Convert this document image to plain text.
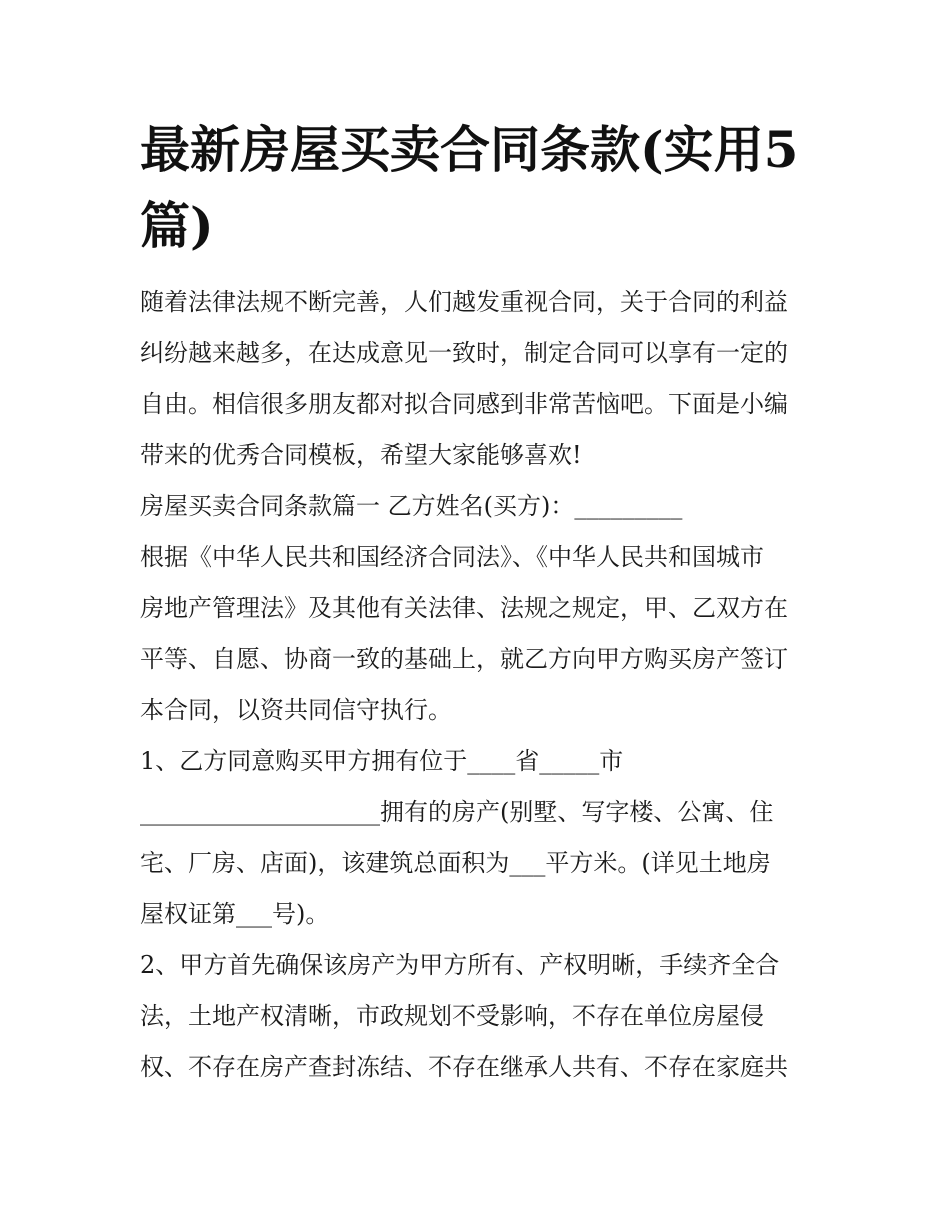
最新房屋买卖合同条款(实用5篇)

随着法律法规不断完善，人们越发重视合同，关于合同的利益

纠纷越来越多，在达成意见一致时，制定合同可以享有一定的

自由。相信很多朋友都对拟合同感到非常苦恼吧。下面是小编

带来的优秀合同模板，希望大家能够喜欢!

房屋买卖合同条款篇一 乙方姓名(买方)：_________

根据《中华人民共和国经济合同法》、《中华人民共和国城市

房地产管理法》及其他有关法律、法规之规定，甲、乙双方在

平等、自愿、协商一致的基础上，就乙方向甲方购买房产签订

本合同，以资共同信守执行。

1、乙方同意购买甲方拥有位于____省_____市

____________________拥有的房产(别墅、写字楼、公寓、住

宅、厂房、店面)，该建筑总面积为___平方米。(详见土地房

屋权证第___号)。

2、甲方首先确保该房产为甲方所有、产权明晰，手续齐全合

法，土地产权清晰，市政规划不受影响，不存在单位房屋侵

权、不存在房产查封冻结、不存在继承人共有、不存在家庭共
